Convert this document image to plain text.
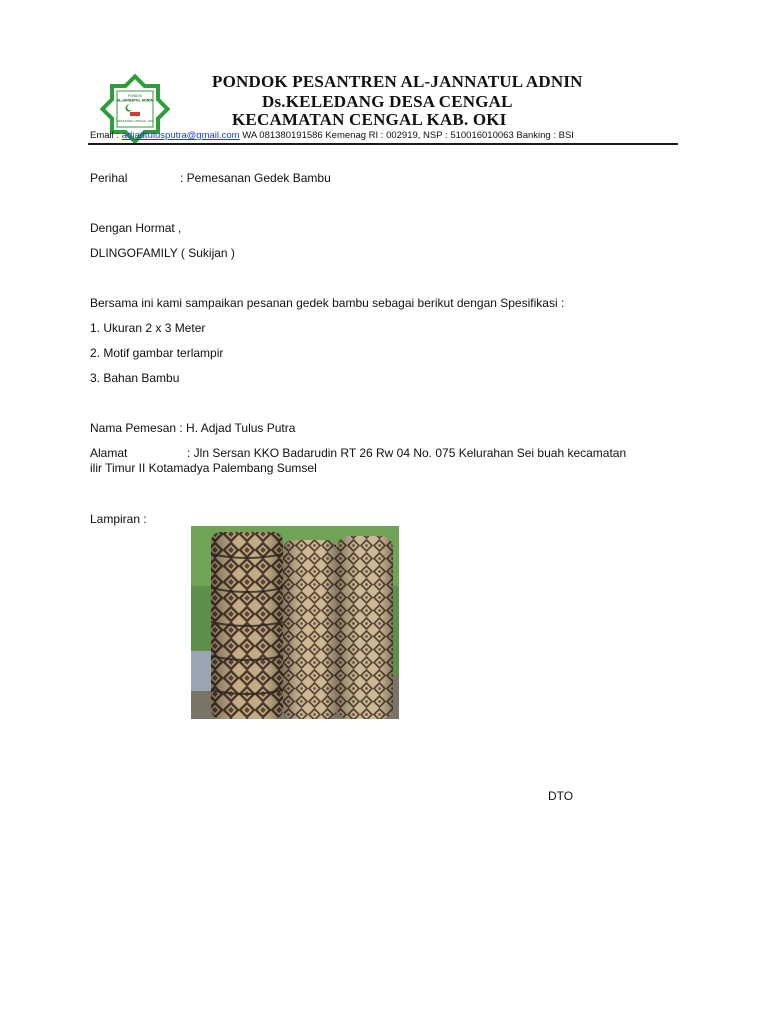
PONDOK
AL-JANNATUL ADNIN
KELEDANG CENGAL OKI
PONDOK PESANTREN AL-JANNATUL ADNIN
Ds.KELEDANG DESA CENGAL
KECAMATAN CENGAL KAB. OKI
Email : adjadtulusputra@gmail.com WA 081380191586 Kemenag RI : 002919, NSP : 510016010063 Banking : BSI
Perihal	: Pemesanan Gedek Bambu
Dengan Hormat ,
DLINGOFAMILY ( Sukijan )
Bersama ini kami sampaikan pesanan gedek bambu sebagai berikut dengan Spesifikasi :
1. Ukuran 2 x 3 Meter
2. Motif gambar terlampir
3. Bahan Bambu
Nama Pemesan : H. Adjad Tulus Putra
Alamat	: Jln Sersan KKO Badarudin RT 26 Rw 04 No. 075 Kelurahan Sei buah kecamatan
ilir Timur II Kotamadya Palembang Sumsel
Lampiran :
DTO
